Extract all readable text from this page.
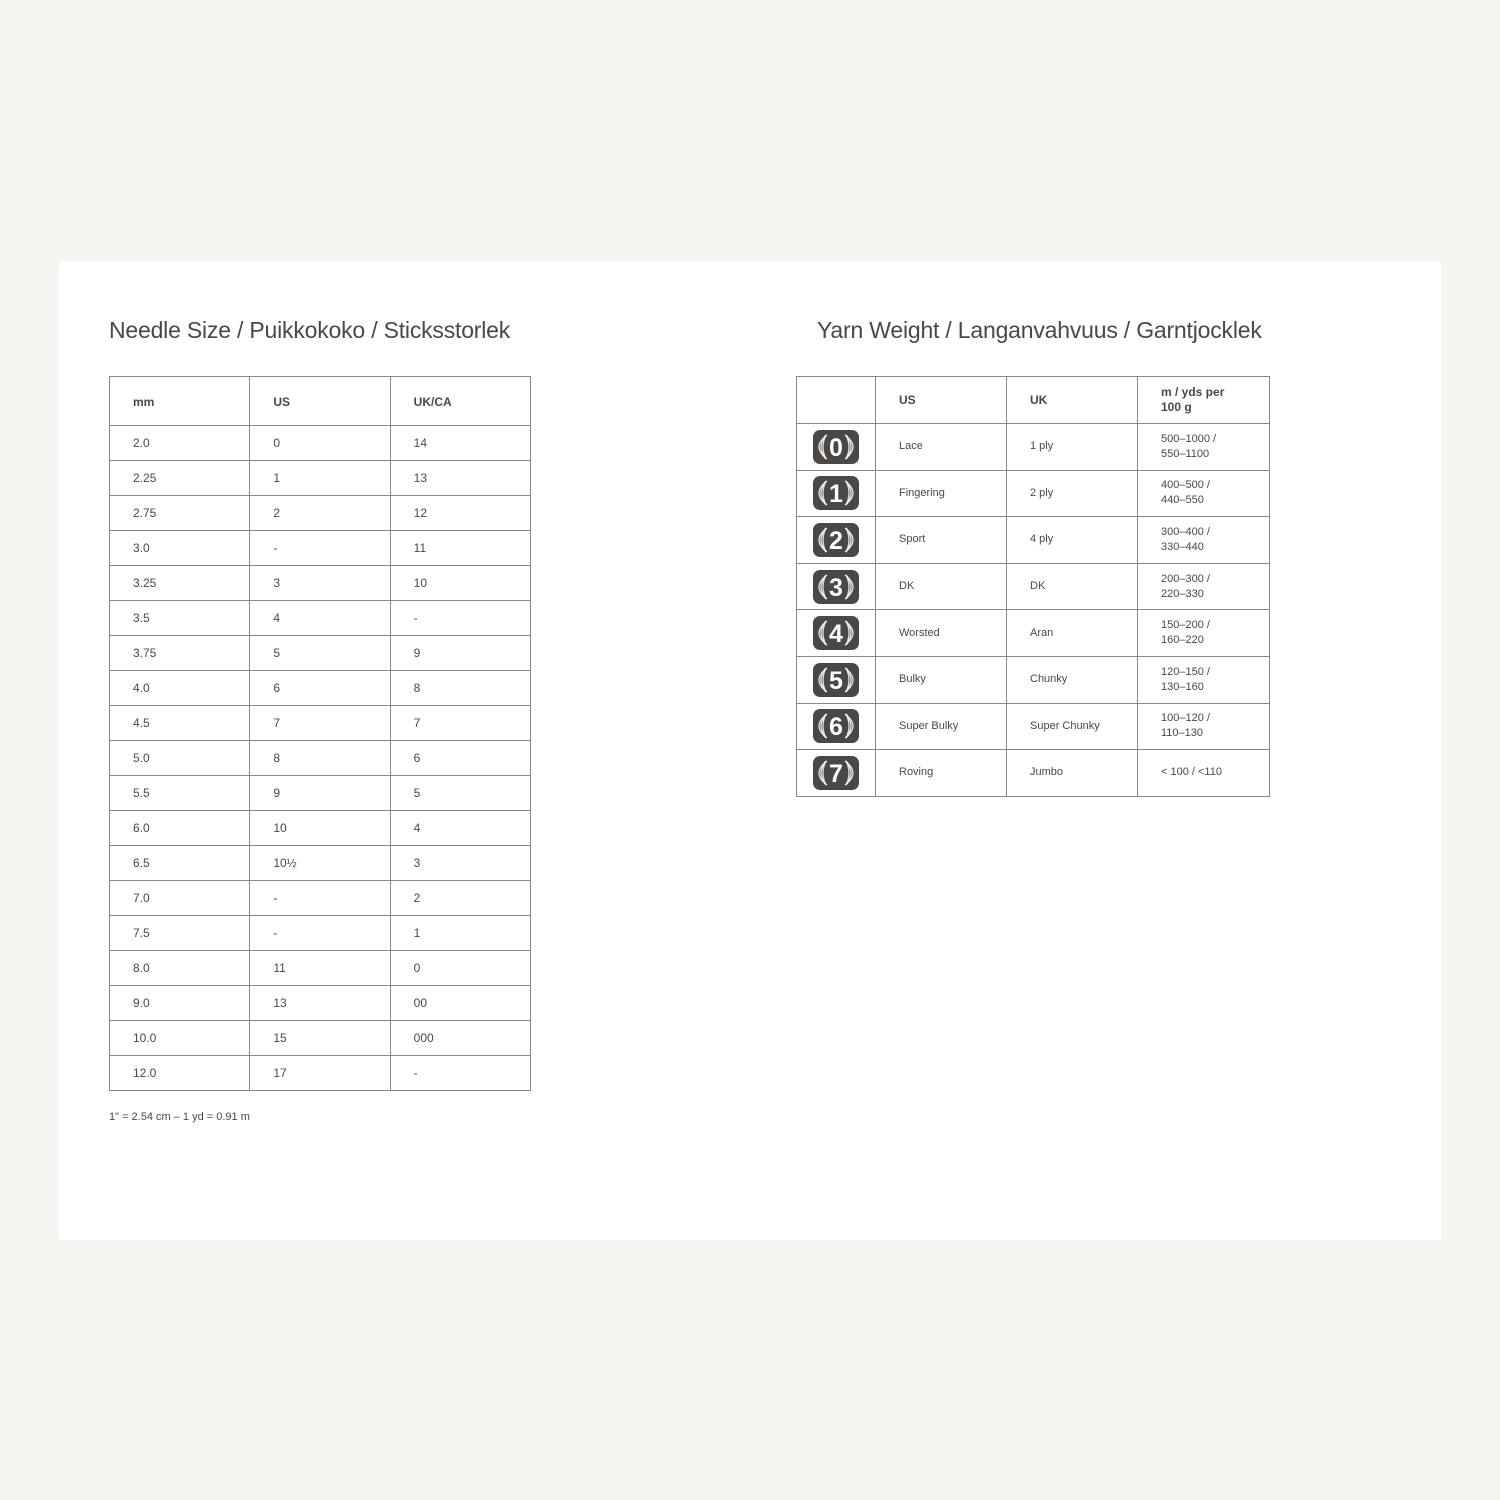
Needle Size / Puikkokoko / Sticksstorlek
mm	US	UK/CA
2.0	0	14
2.25	1	13
2.75	2	12
3.0	-	11
3.25	3	10
3.5	4	-
3.75	5	9
4.0	6	8
4.5	7	7
5.0	8	6
5.5	9	5
6.0	10	4
6.5	10½	3
7.0	-	2
7.5	-	1
8.0	11	0
9.0	13	00
10.0	15	000
12.0	17	-
1" = 2.54 cm – 1 yd = 0.91 m
Yarn Weight / Langanvahvuus / Garntjocklek
	US	UK	m / yds per 100 g

0	Lace	1 ply	500–1000 / 550–1100

1	Fingering	2 ply	400–500 / 440–550

2	Sport	4 ply	300–400 / 330–440

3	DK	DK	200–300 / 220–330

4	Worsted	Aran	150–200 / 160–220

5	Bulky	Chunky	120–150 / 130–160

6	Super Bulky	Super Chunky	100–120 / 110–130

7	Roving	Jumbo	< 100 / <110
